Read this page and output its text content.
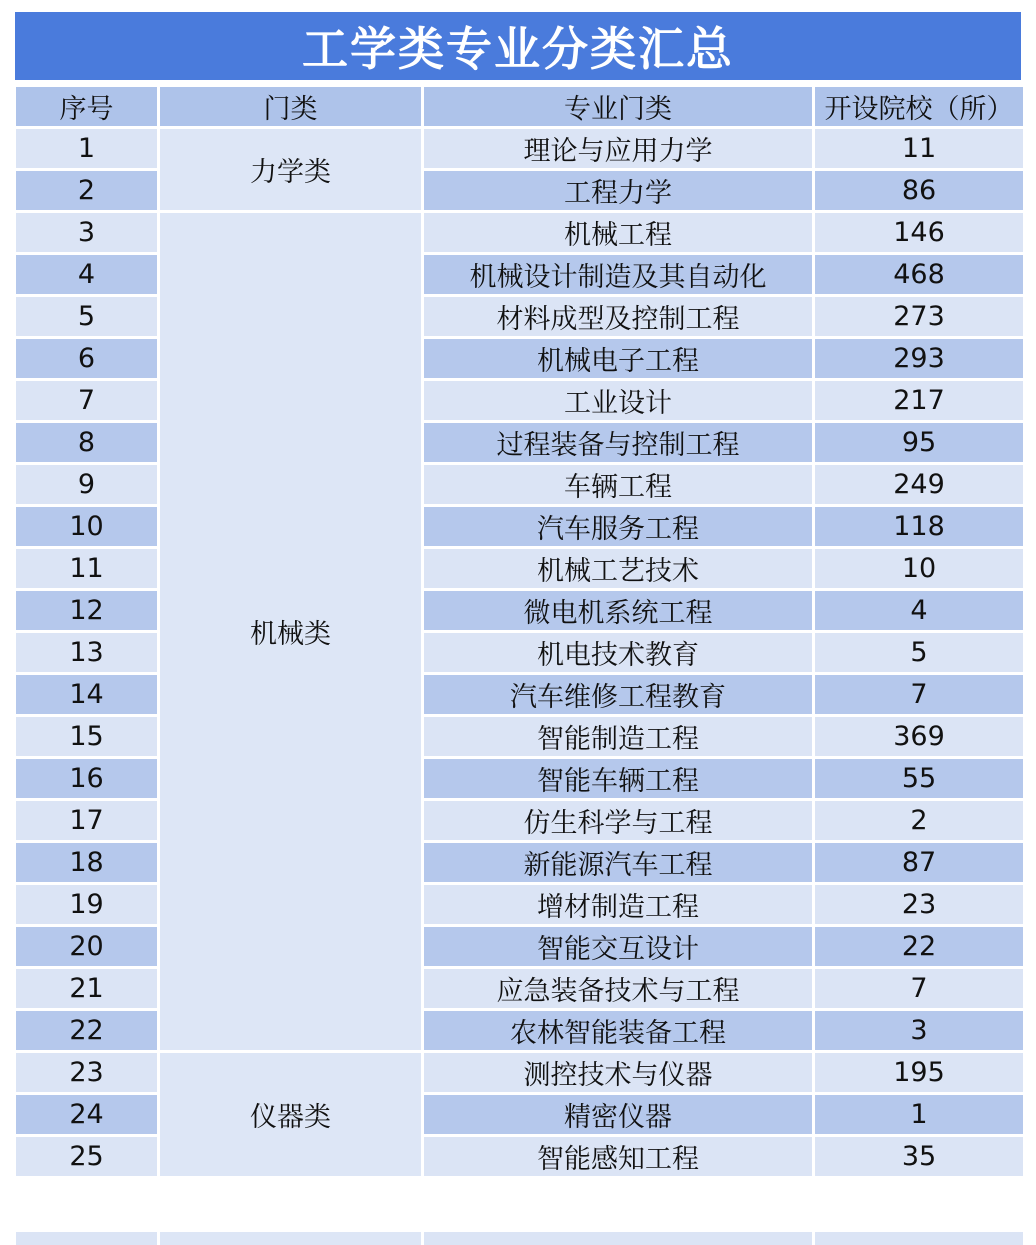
工学类专业分类汇总
序号	门类	专业门类	开设院校（所）
1	力学类	理论与应用力学	11
2		工程力学	86
3	机械类	机械工程	146
4		机械设计制造及其自动化	468
5		材料成型及控制工程	273
6		机械电子工程	293
7		工业设计	217
8		过程装备与控制工程	95
9		车辆工程	249
10		汽车服务工程	118
11		机械工艺技术	10
12		微电机系统工程	4
13		机电技术教育	5
14		汽车维修工程教育	7
15		智能制造工程	369
16		智能车辆工程	55
17		仿生科学与工程	2
18		新能源汽车工程	87
19		增材制造工程	23
20		智能交互设计	22
21		应急装备技术与工程	7
22		农林智能装备工程	3
23	仪器类	测控技术与仪器	195
24		精密仪器	1
25		智能感知工程	35
